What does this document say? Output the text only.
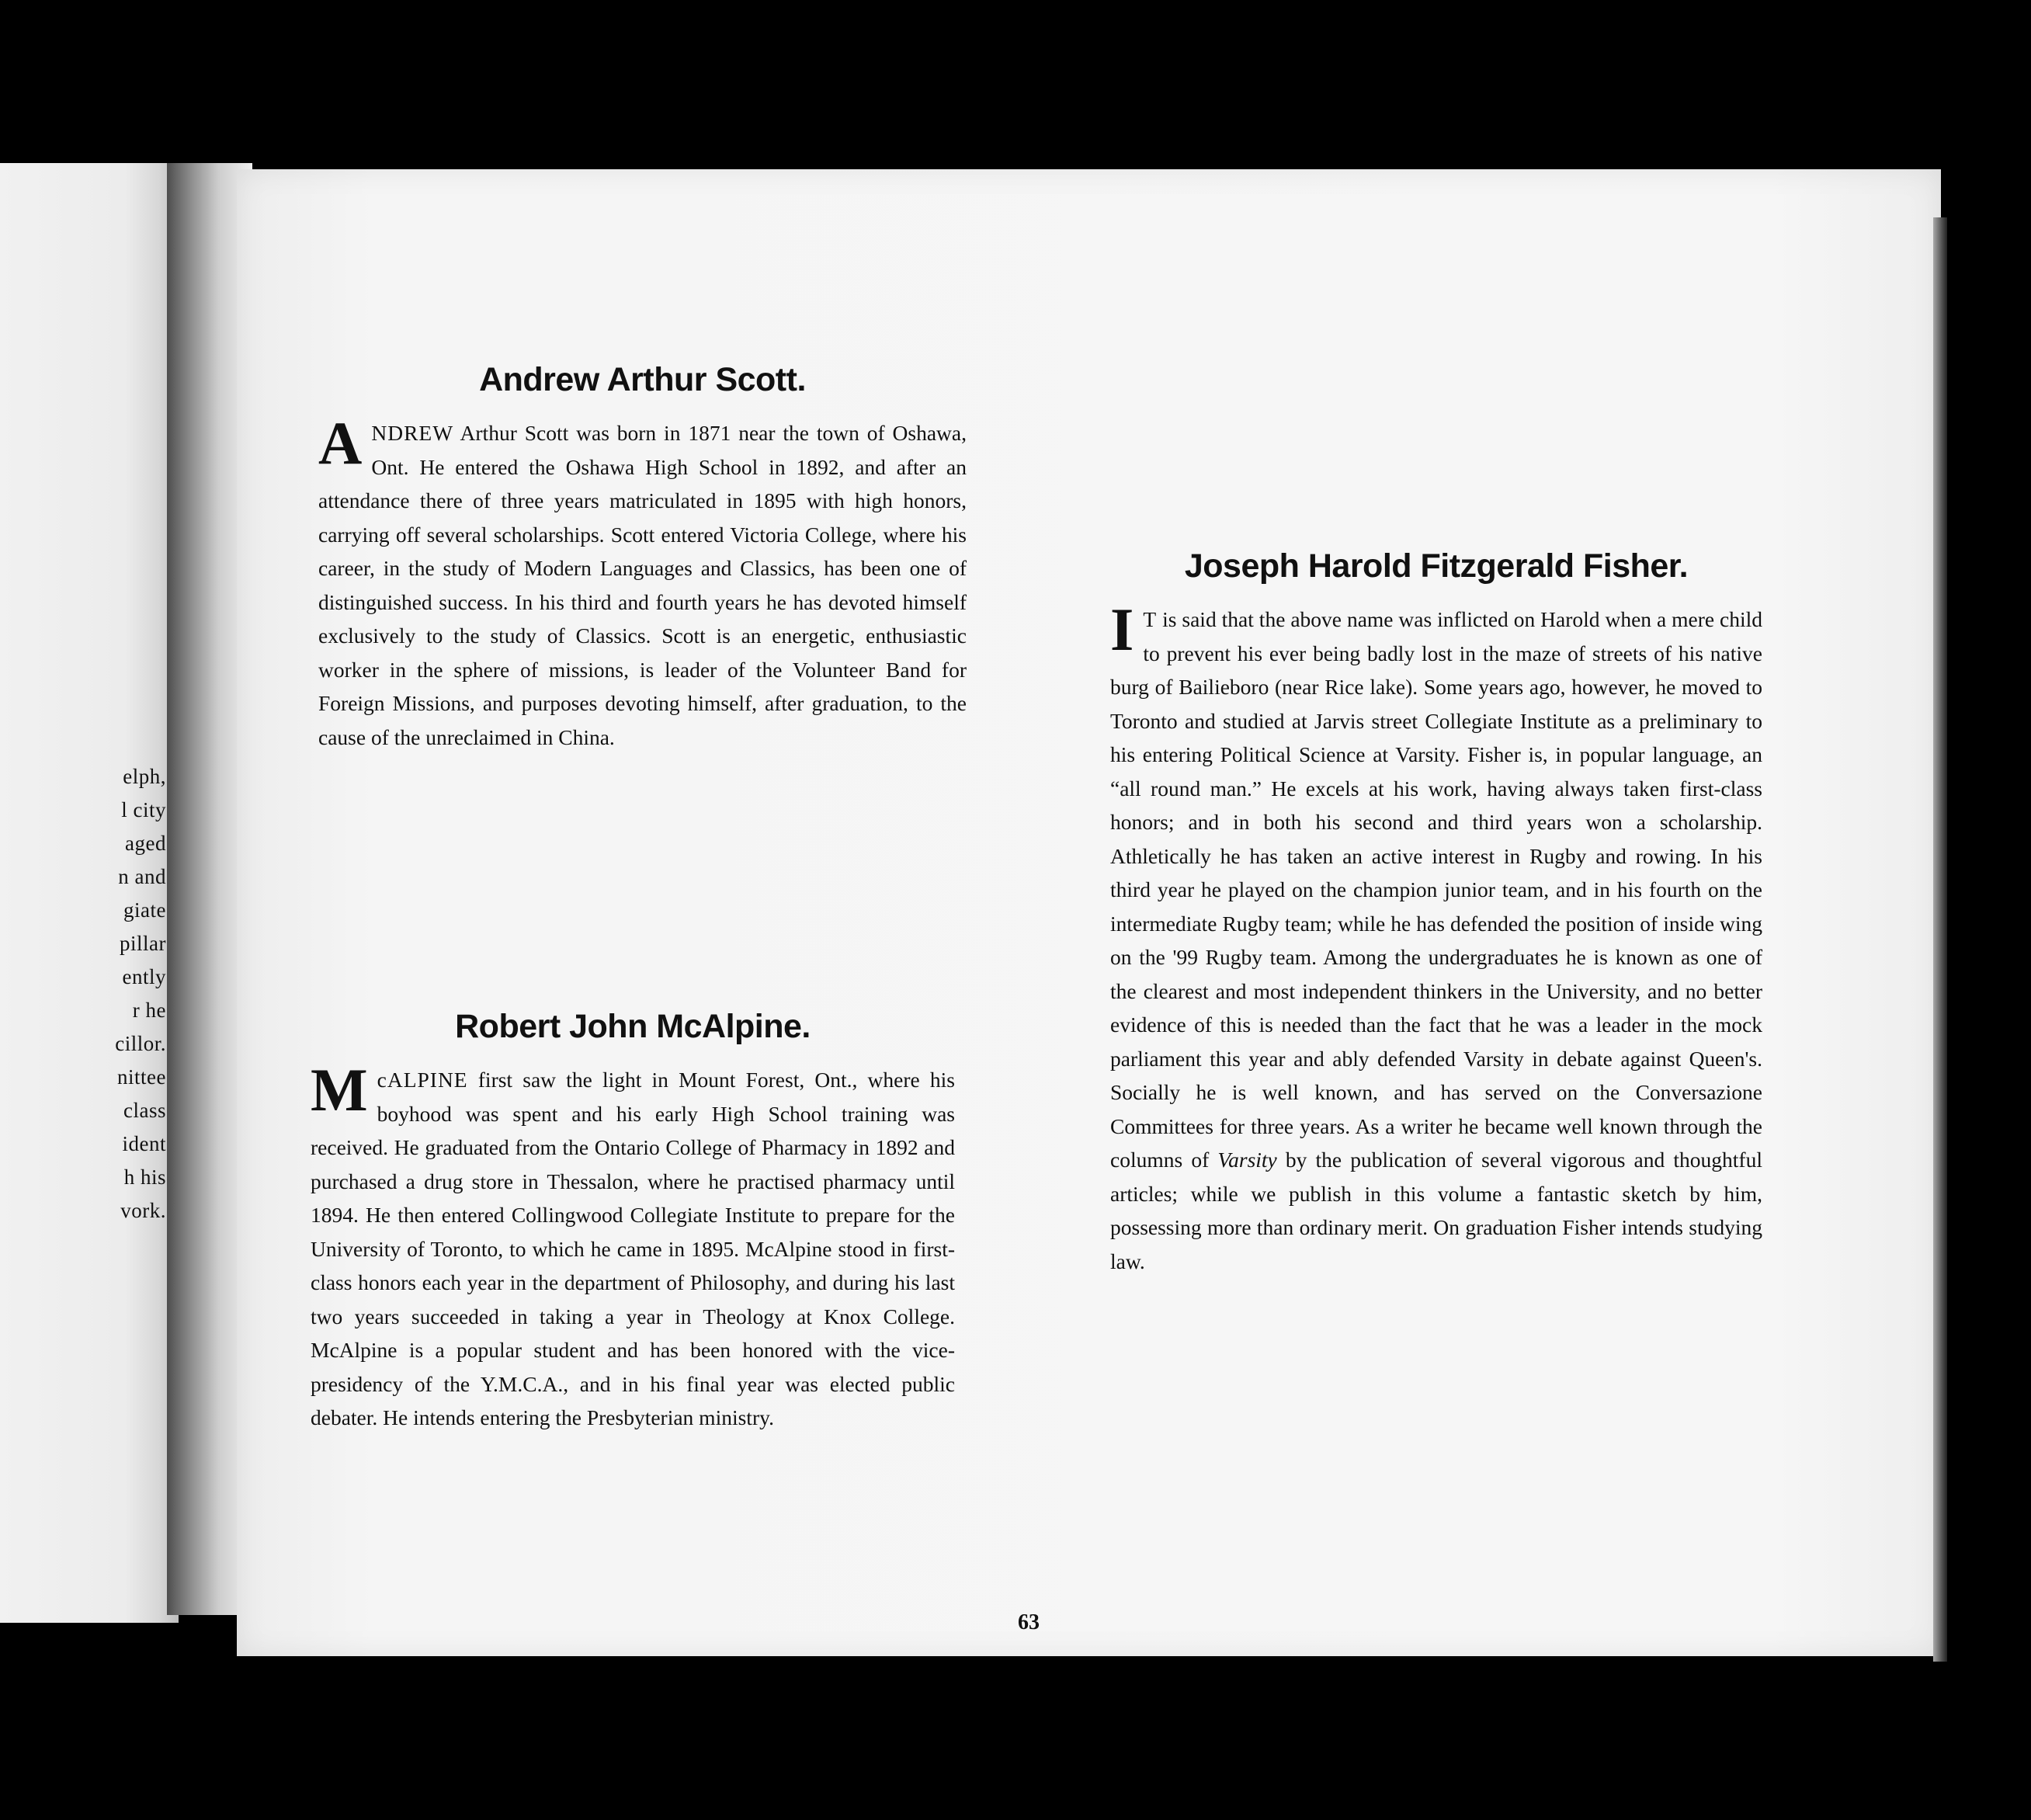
elph,
l city
aged
n and
giate
pillar
ently
r he
cillor.
nittee
class
ident
h his
vork.
Andrew Arthur Scott.

ANDREW Arthur Scott was born in 1871 near the town of Oshawa, Ont. He entered the Oshawa High School in 1892, and after an attendance there of three years matriculated in 1895 with high honors, carrying off several scholarships. Scott entered Victoria College, where his career, in the study of Modern Languages and Classics, has been one of distinguished success. In his third and fourth years he has devoted himself exclusively to the study of Classics. Scott is an energetic, enthusiastic worker in the sphere of missions, is leader of the Volunteer Band for Foreign Missions, and purposes devoting himself, after graduation, to the cause of the unreclaimed in China.

Robert John McAlpine.

McALPINE first saw the light in Mount Forest, Ont., where his boyhood was spent and his early High School training was received. He graduated from the Ontario College of Pharmacy in 1892 and purchased a drug store in Thessalon, where he practised pharmacy until 1894. He then entered Collingwood Collegiate Institute to prepare for the University of Toronto, to which he came in 1895. McAlpine stood in first-class honors each year in the department of Philosophy, and during his last two years succeeded in taking a year in Theology at Knox College. McAlpine is a popular student and has been honored with the vice-presidency of the Y.M.C.A., and in his final year was elected public debater. He intends entering the Presbyterian ministry.

Joseph Harold Fitzgerald Fisher.

I T is said that the above name was inflicted on Harold when a mere child to prevent his ever being badly lost in the maze of streets of his native burg of Bailieboro (near Rice lake). Some years ago, however, he moved to Toronto and studied at Jarvis street Collegiate Institute as a preliminary to his entering Political Science at Varsity. Fisher is, in popular language, an “all round man.” He excels at his work, having always taken first-class honors; and in both his second and third years won a scholarship. Athletically he has taken an active interest in Rugby and rowing. In his third year he played on the champion junior team, and in his fourth on the intermediate Rugby team; while he has defended the position of inside wing on the '99 Rugby team. Among the undergraduates he is known as one of the clearest and most independent thinkers in the University, and no better evidence of this is needed than the fact that he was a leader in the mock parliament this year and ably defended Varsity in debate against Queen's. Socially he is well known, and has served on the Conversazione Committees for three years. As a writer he became well known through the columns of Varsity by the publication of several vigorous and thoughtful articles; while we publish in this volume a fantastic sketch by him, possessing more than ordinary merit. On graduation Fisher intends studying law.

63
